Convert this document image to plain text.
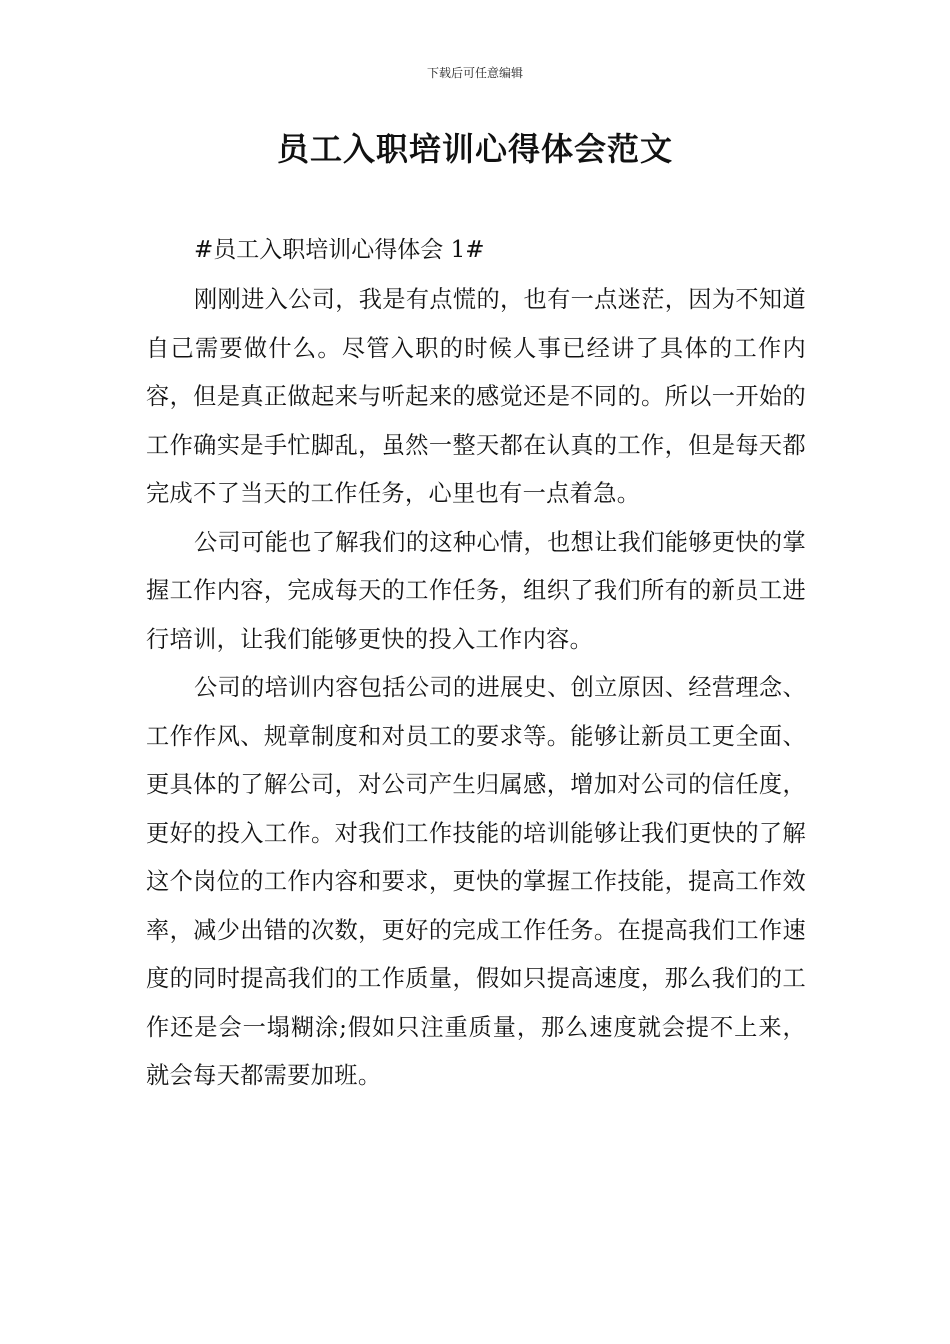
下载后可任意编辑
员工入职培训心得体会范文

#员工入职培训心得体会 1#

刚刚进入公司，我是有点慌的，也有一点迷茫，因为不知道自己需要做什么。尽管入职的时候人事已经讲了具体的工作内容，但是真正做起来与听起来的感觉还是不同的。所以一开始的工作确实是手忙脚乱，虽然一整天都在认真的工作，但是每天都完成不了当天的工作任务，心里也有一点着急。

公司可能也了解我们的这种心情，也想让我们能够更快的掌握工作内容，完成每天的工作任务，组织了我们所有的新员工进行培训，让我们能够更快的投入工作内容。

公司的培训内容包括公司的进展史、创立原因、经营理念、工作作风、规章制度和对员工的要求等。能够让新员工更全面、更具体的了解公司，对公司产生归属感，增加对公司的信任度，更好的投入工作。对我们工作技能的培训能够让我们更快的了解这个岗位的工作内容和要求，更快的掌握工作技能，提高工作效率，减少出错的次数，更好的完成工作任务。在提高我们工作速度的同时提高我们的工作质量，假如只提高速度，那么我们的工作还是会一塌糊涂;假如只注重质量，那么速度就会提不上来，就会每天都需要加班。
